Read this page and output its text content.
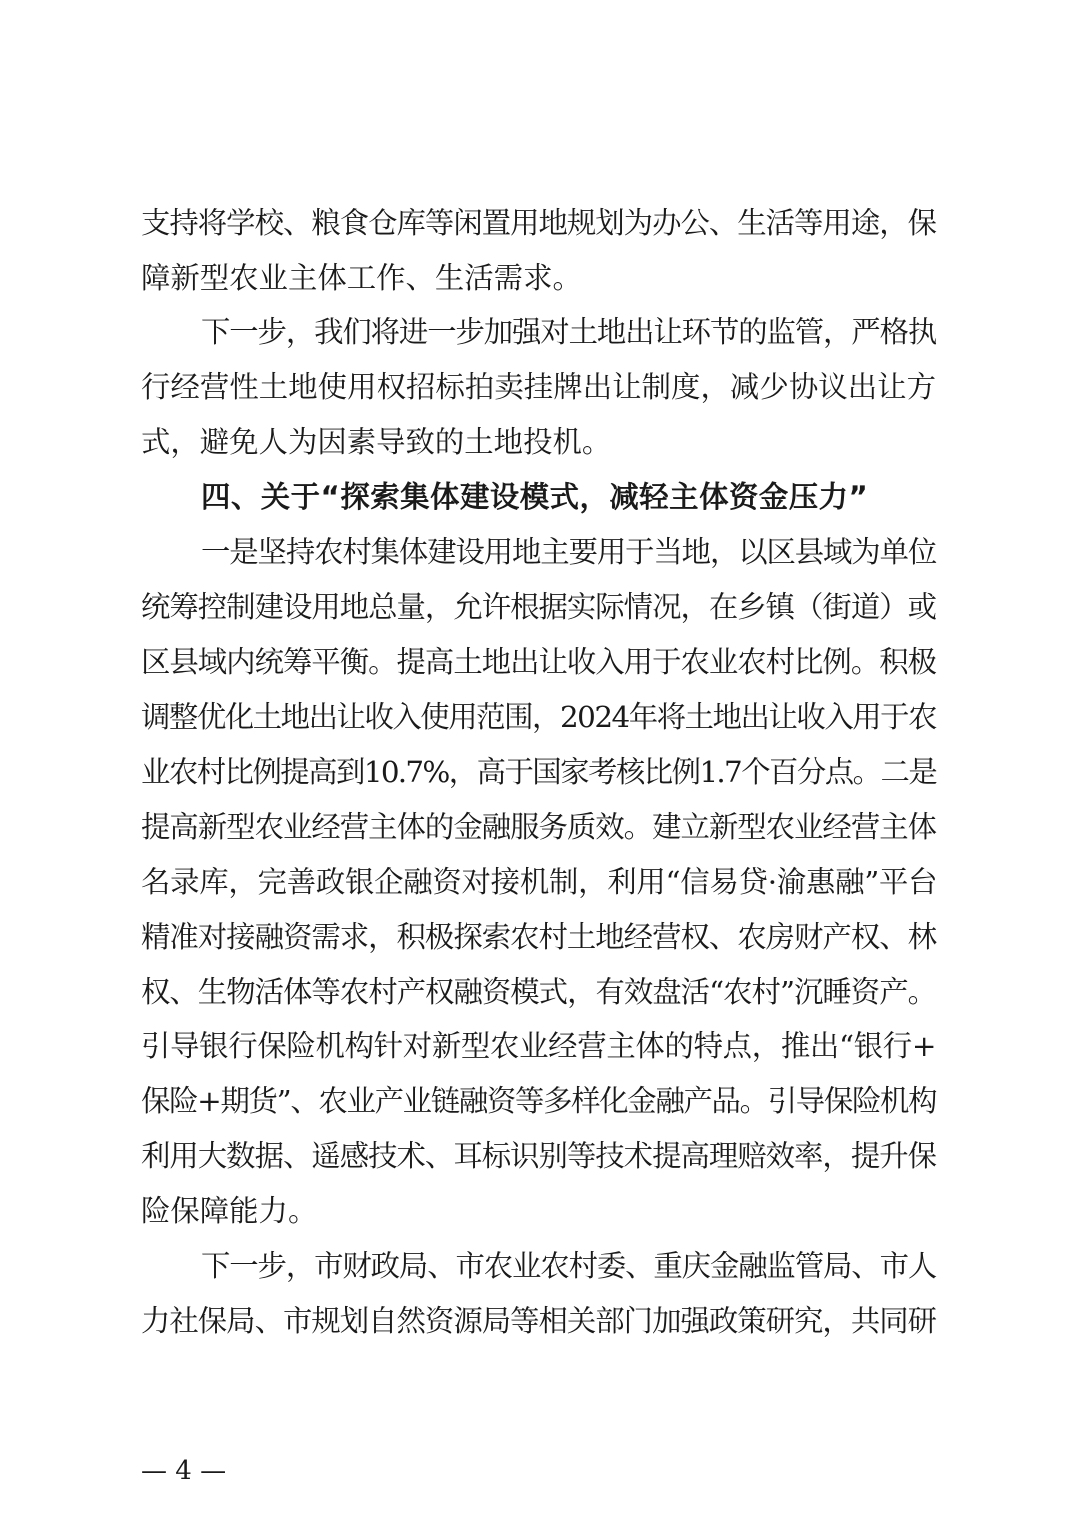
支持将学校、粮食仓库等闲置用地规划为办公、生活等用途，保
障新型农业主体工作、生活需求。
下一步，我们将进一步加强对土地出让环节的监管，严格执
行经营性土地使用权招标拍卖挂牌出让制度，减少协议出让方
式，避免人为因素导致的土地投机。
四、关于“探索集体建设模式，减轻主体资金压力”
一是坚持农村集体建设用地主要用于当地，以区县域为单位
统筹控制建设用地总量，允许根据实际情况，在乡镇（街道）或
区县域内统筹平衡。提高土地出让收入用于农业农村比例。积极
调整优化土地出让收入使用范围，2024年将土地出让收入用于农
业农村比例提高到10.7%，高于国家考核比例1.7个百分点。二是
提高新型农业经营主体的金融服务质效。建立新型农业经营主体
名录库，完善政银企融资对接机制，利用“信易贷·渝惠融”平台
精准对接融资需求，积极探索农村土地经营权、农房财产权、林
权、生物活体等农村产权融资模式，有效盘活“农村”沉睡资产。
引导银行保险机构针对新型农业经营主体的特点，推出“银行+
保险+期货”、农业产业链融资等多样化金融产品。引导保险机构
利用大数据、遥感技术、耳标识别等技术提高理赔效率，提升保
险保障能力。
下一步，市财政局、市农业农村委、重庆金融监管局、市人
力社保局、市规划自然资源局等相关部门加强政策研究，共同研
— 4 —
